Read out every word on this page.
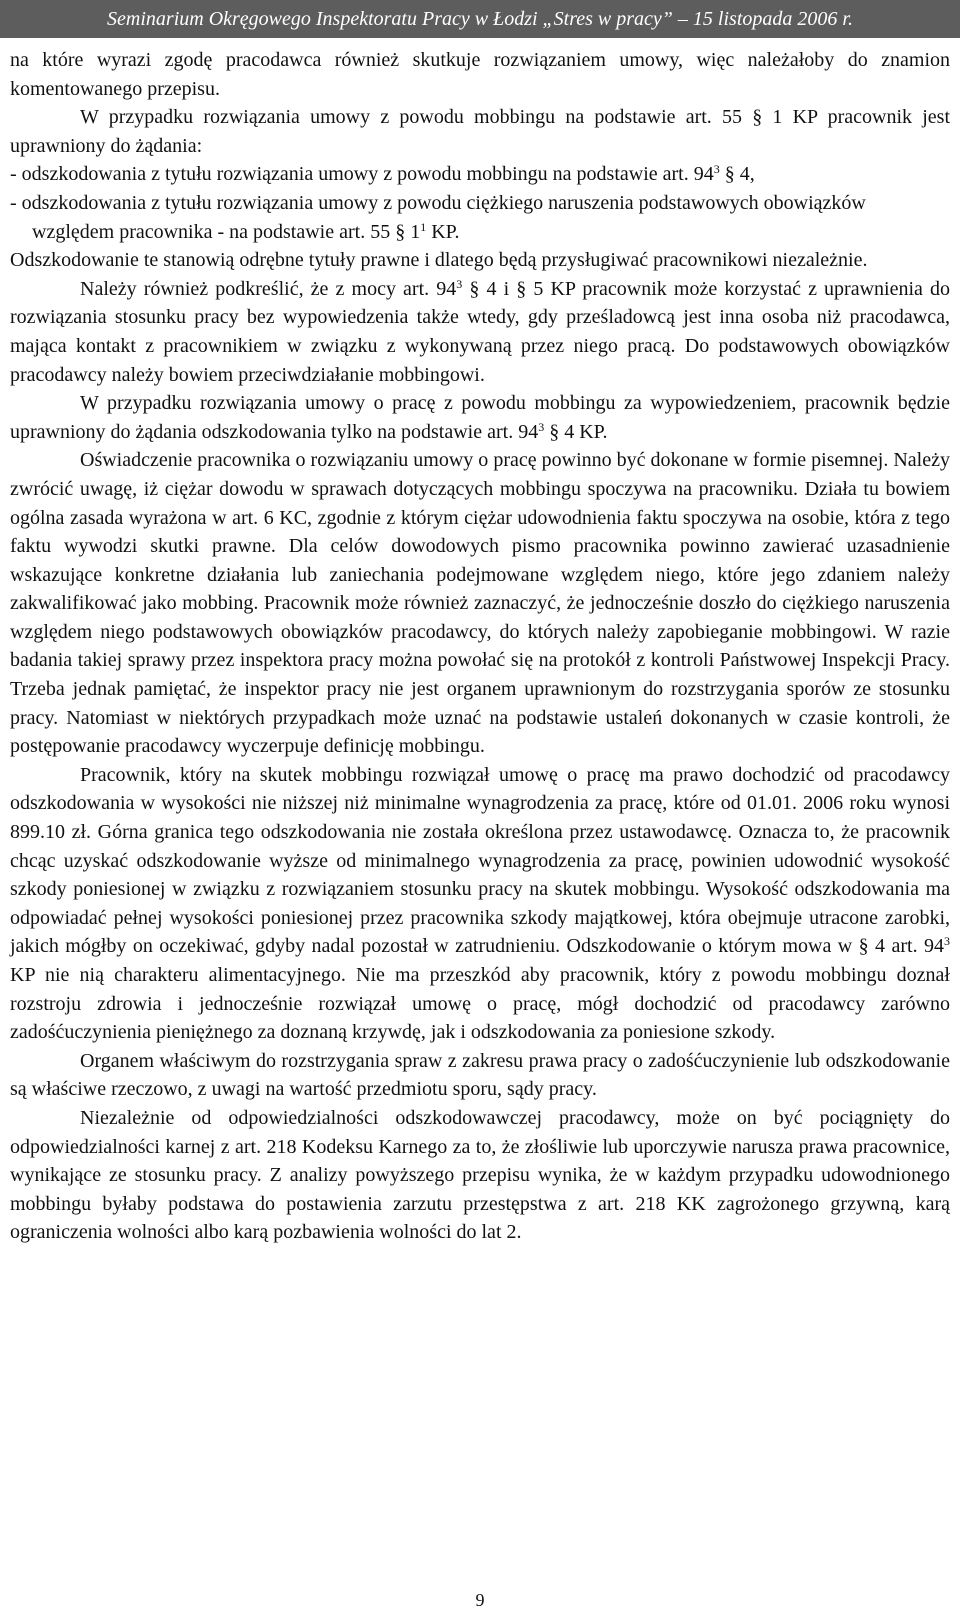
Seminarium Okręgowego Inspektoratu Pracy w Łodzi „Stres w pracy” – 15 listopada 2006 r.

na które wyrazi zgodę pracodawca również skutkuje rozwiązaniem umowy, więc należałoby do znamion komentowanego przepisu.

W przypadku rozwiązania umowy z powodu mobbingu na podstawie art. 55 § 1 KP pracownik jest uprawniony do żądania:

- odszkodowania z tytułu rozwiązania umowy z powodu mobbingu na podstawie art. $94^3$ § 4,

- odszkodowania z tytułu rozwiązania umowy z powodu ciężkiego naruszenia podstawowych obowiązków względem pracownika - na podstawie art. 55 § $1^1$ KP.

Odszkodowanie te stanowią odrębne tytuły prawne i dlatego będą przysługiwać pracownikowi niezależnie.

Należy również podkreślić, że z mocy art. $94^3$ § 4 i § 5 KP pracownik może korzystać z uprawnienia do rozwiązania stosunku pracy bez wypowiedzenia także wtedy, gdy prześladowcą jest inna osoba niż pracodawca, mająca kontakt z pracownikiem w związku z wykonywaną przez niego pracą. Do podstawowych obowiązków pracodawcy należy bowiem przeciwdziałanie mobbingowi.

W przypadku rozwiązania umowy o pracę z powodu mobbingu za wypowiedzeniem, pracownik będzie uprawniony do żądania odszkodowania tylko na podstawie art. $94^3$ § 4 KP.

Oświadczenie pracownika o rozwiązaniu umowy o pracę powinno być dokonane w formie pisemnej. Należy zwrócić uwagę, iż ciężar dowodu w sprawach dotyczących mobbingu spoczywa na pracowniku. Działa tu bowiem ogólna zasada wyrażona w art. 6 KC, zgodnie z którym ciężar udowodnienia faktu spoczywa na osobie, która z tego faktu wywodzi skutki prawne. Dla celów dowodowych pismo pracownika powinno zawierać uzasadnienie wskazujące konkretne działania lub zaniechania podejmowane względem niego, które jego zdaniem należy zakwalifikować jako mobbing. Pracownik może również zaznaczyć, że jednocześnie doszło do ciężkiego naruszenia względem niego podstawowych obowiązków pracodawcy, do których należy zapobieganie mobbingowi. W razie badania takiej sprawy przez inspektora pracy można powołać się na protokół z kontroli Państwowej Inspekcji Pracy. Trzeba jednak pamiętać, że inspektor pracy nie jest organem uprawnionym do rozstrzygania sporów ze stosunku pracy. Natomiast w niektórych przypadkach może uznać na podstawie ustaleń dokonanych w czasie kontroli, że postępowanie pracodawcy wyczerpuje definicję mobbingu.

Pracownik, który na skutek mobbingu rozwiązał umowę o pracę ma prawo dochodzić od pracodawcy odszkodowania w wysokości nie niższej niż minimalne wynagrodzenia za pracę, które od 01.01. 2006 roku wynosi 899.10 zł. Górna granica tego odszkodowania nie została określona przez ustawodawcę. Oznacza to, że pracownik chcąc uzyskać odszkodowanie wyższe od minimalnego wynagrodzenia za pracę, powinien udowodnić wysokość szkody poniesionej w związku z rozwiązaniem stosunku pracy na skutek mobbingu. Wysokość odszkodowania ma odpowiadać pełnej wysokości poniesionej przez pracownika szkody majątkowej, która obejmuje utracone zarobki, jakich mógłby on oczekiwać, gdyby nadal pozostał w zatrudnieniu. Odszkodowanie o którym mowa w § 4 art. $94^3$ KP nie nią charakteru alimentacyjnego. Nie ma przeszkód aby pracownik, który z powodu mobbingu doznał rozstroju zdrowia i jednocześnie rozwiązał umowę o pracę, mógł dochodzić od pracodawcy zarówno zadośćuczynienia pieniężnego za doznaną krzywdę, jak i odszkodowania za poniesione szkody.

Organem właściwym do rozstrzygania spraw z zakresu prawa pracy o zadośćuczynienie lub odszkodowanie są właściwe rzeczowo, z uwagi na wartość przedmiotu sporu, sądy pracy.

Niezależnie od odpowiedzialności odszkodowawczej pracodawcy, może on być pociągnięty do odpowiedzialności karnej z art. 218 Kodeksu Karnego za to, że złośliwie lub uporczywie narusza prawa pracownice, wynikające ze stosunku pracy. Z analizy powyższego przepisu wynika, że w każdym przypadku udowodnionego mobbingu byłaby podstawa do postawienia zarzutu przestępstwa z art. 218 KK zagrożonego grzywną, karą ograniczenia wolności albo karą pozbawienia wolności do lat 2.

9
